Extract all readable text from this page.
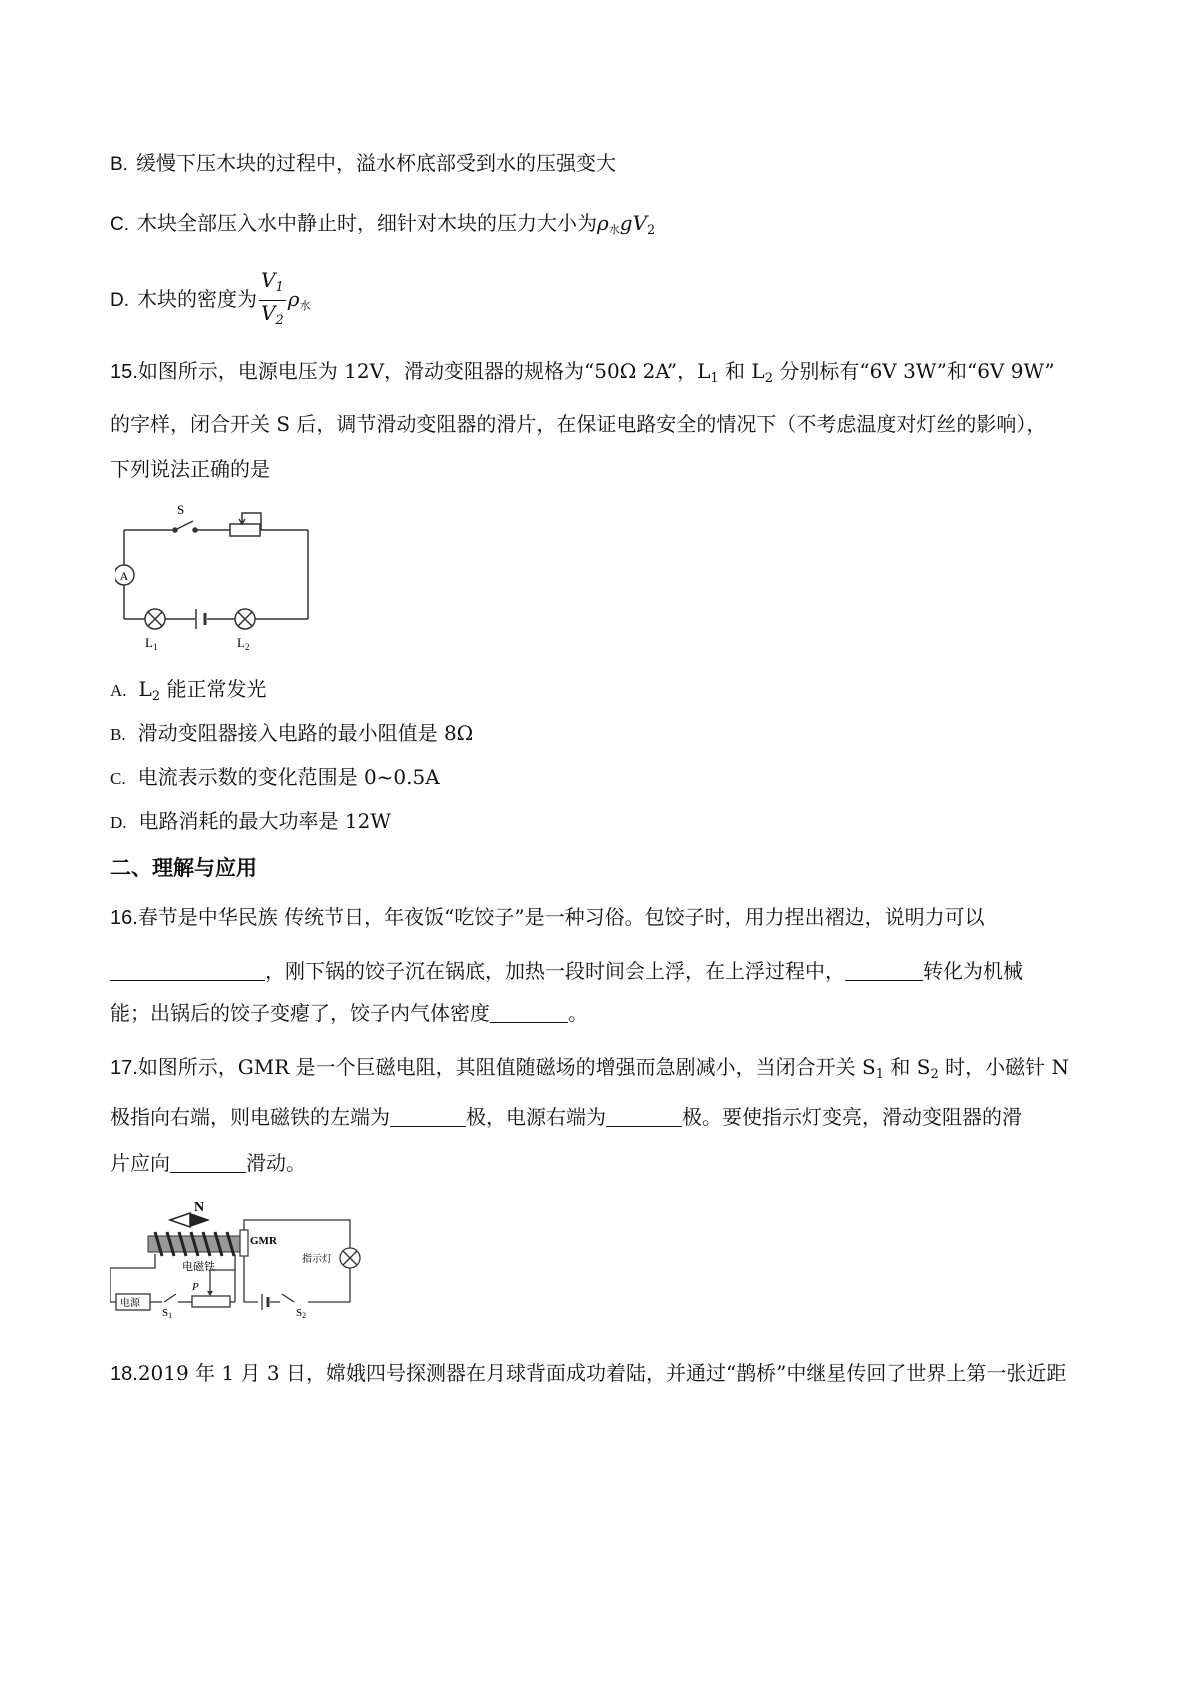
B. 缓慢下压木块的过程中，溢水杯底部受到水的压强变大
C. 木块全部压入水中静止时，细针对木块的压力大小为ρ水$gV_2$
D. 木块的密度为 $\frac{V_1}{V_2}$ ρ水
15.如图所示，电源电压为 12V，滑动变阻器的规格为“50Ω 2A”，$L_1$ 和 $L_2$ 分别标有“6V 3W”和“6V 9W”
的字样，闭合开关 S 后，调节滑动变阻器的滑片，在保证电路安全的情况下（不考虑温度对灯丝的影响），
下列说法正确的是
A
S
$L_1$	$L_2$
A. $L_2$ 能正常发光
B. 滑动变阻器接入电路的最小阻值是 8Ω
C. 电流表示数的变化范围是 0~0.5A
D. 电路消耗的最大功率是 12W
二、理解与应用
16.春节是中华民族 传统节日，年夜饭“吃饺子”是一种习俗。包饺子时，用力捏出褶边，说明力可以
，刚下锅的饺子沉在锅底，加热一段时间会上浮，在上浮过程中，	转化为机械
能；出锅后的饺子变瘪了，饺子内气体密度	。
17.如图所示，GMR 是一个巨磁电阻，其阻值随磁场的增强而急剧减小，当闭合开关 $S_1$ 和 $S_2$ 时，小磁针 N
极指向右端，则电磁铁的左端为	极，电源右端为	极。要使指示灯变亮，滑动变阻器的滑
片应向	滑动。
N
电磁铁
电源
P
S1
GMR
指示灯
S2
18.2019 年 1 月 3 日，嫦娥四号探测器在月球背面成功着陆，并通过“鹊桥”中继星传回了世界上第一张近距
